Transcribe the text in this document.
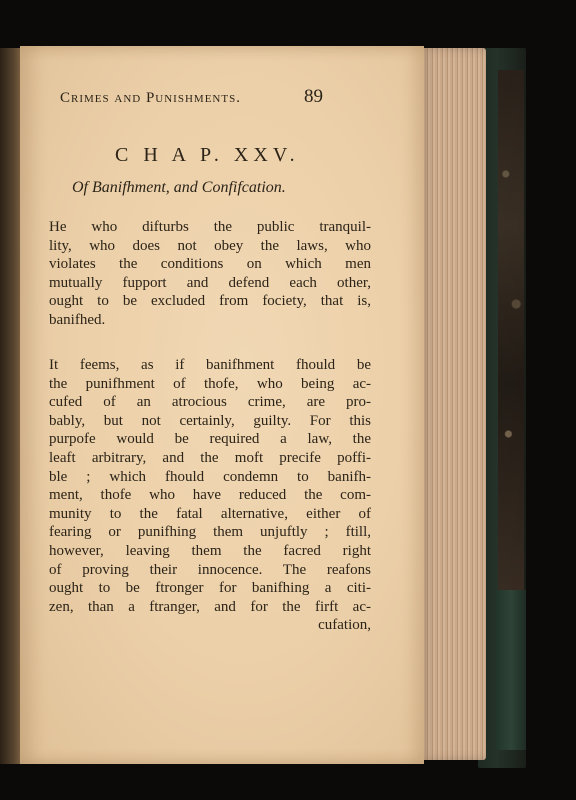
Crimes and Punishments.	89
C H A P. XXV.
Of Banifhment, and Confifcation.
He who difturbs the public tranquil-
lity, who does not obey the laws, who
violates the conditions on which men
mutually fupport and defend each other,
ought to be excluded from fociety, that is,
banifhed.
It feems, as if banifhment fhould be
the punifhment of thofe, who being ac-
cufed of an atrocious crime, are pro-
bably, but not certainly, guilty. For this
purpofe would be required a law, the
leaft arbitrary, and the moft precife poffi-
ble ; which fhould condemn to banifh-
ment, thofe who have reduced the com-
munity to the fatal alternative, either of
fearing or punifhing them unjuftly ; ftill,
however, leaving them the facred right
of proving their innocence. The reafons
ought to be ftronger for banifhing a citi-
zen, than a ftranger, and for the firft ac-
cufation,
